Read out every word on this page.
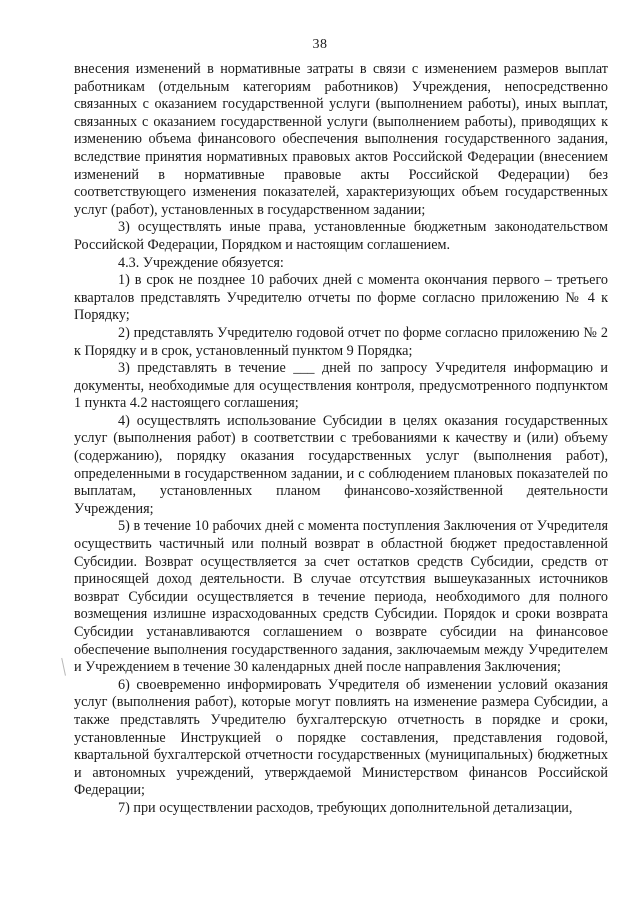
38

внесения изменений в нормативные затраты в связи с изменением размеров выплат работникам (отдельным категориям работников) Учреждения, непосредственно связанных с оказанием государственной услуги (выполнением работы), иных выплат, связанных с оказанием государственной услуги (выполнением работы), приводящих к изменению объема финансового обеспечения выполнения государственного задания, вследствие принятия нормативных правовых актов Российской Федерации (внесением изменений в нормативные правовые акты Российской Федерации) без соответствующего изменения показателей, характеризующих объем государственных услуг (работ), установленных в государственном задании;

3) осуществлять иные права, установленные бюджетным законодательством Российской Федерации, Порядком и настоящим соглашением.

4.3. Учреждение обязуется:

1) в срок не позднее 10 рабочих дней с момента окончания первого – третьего кварталов представлять Учредителю отчеты по форме согласно приложению № 4 к Порядку;

2) представлять Учредителю годовой отчет по форме согласно приложению № 2 к Порядку и в срок, установленный пунктом 9 Порядка;

3) представлять в течение ___ дней по запросу Учредителя информацию и документы, необходимые для осуществления контроля, предусмотренного подпунктом 1 пункта 4.2 настоящего соглашения;

4) осуществлять использование Субсидии в целях оказания государственных услуг (выполнения работ) в соответствии с требованиями к качеству и (или) объему (содержанию), порядку оказания государственных услуг (выполнения работ), определенными в государственном задании, и с соблюдением плановых показателей по выплатам, установленных планом финансово-хозяйственной деятельности Учреждения;

5) в течение 10 рабочих дней с момента поступления Заключения от Учредителя осуществить частичный или полный возврат в областной бюджет предоставленной Субсидии. Возврат осуществляется за счет остатков средств Субсидии, средств от приносящей доход деятельности. В случае отсутствия вышеуказанных источников возврат Субсидии осуществляется в течение периода, необходимого для полного возмещения излишне израсходованных средств Субсидии. Порядок и сроки возврата Субсидии устанавливаются соглашением о возврате субсидии на финансовое обеспечение выполнения государственного задания, заключаемым между Учредителем и Учреждением в течение 30 календарных дней после направления Заключения;

6) своевременно информировать Учредителя об изменении условий оказания услуг (выполнения работ), которые могут повлиять на изменение размера Субсидии, а также представлять Учредителю бухгалтерскую отчетность в порядке и сроки, установленные Инструкцией о порядке составления, представления годовой, квартальной бухгалтерской отчетности государственных (муниципальных) бюджетных и автономных учреждений, утверждаемой Министерством финансов Российской Федерации;

7) при осуществлении расходов, требующих дополнительной детализации,
